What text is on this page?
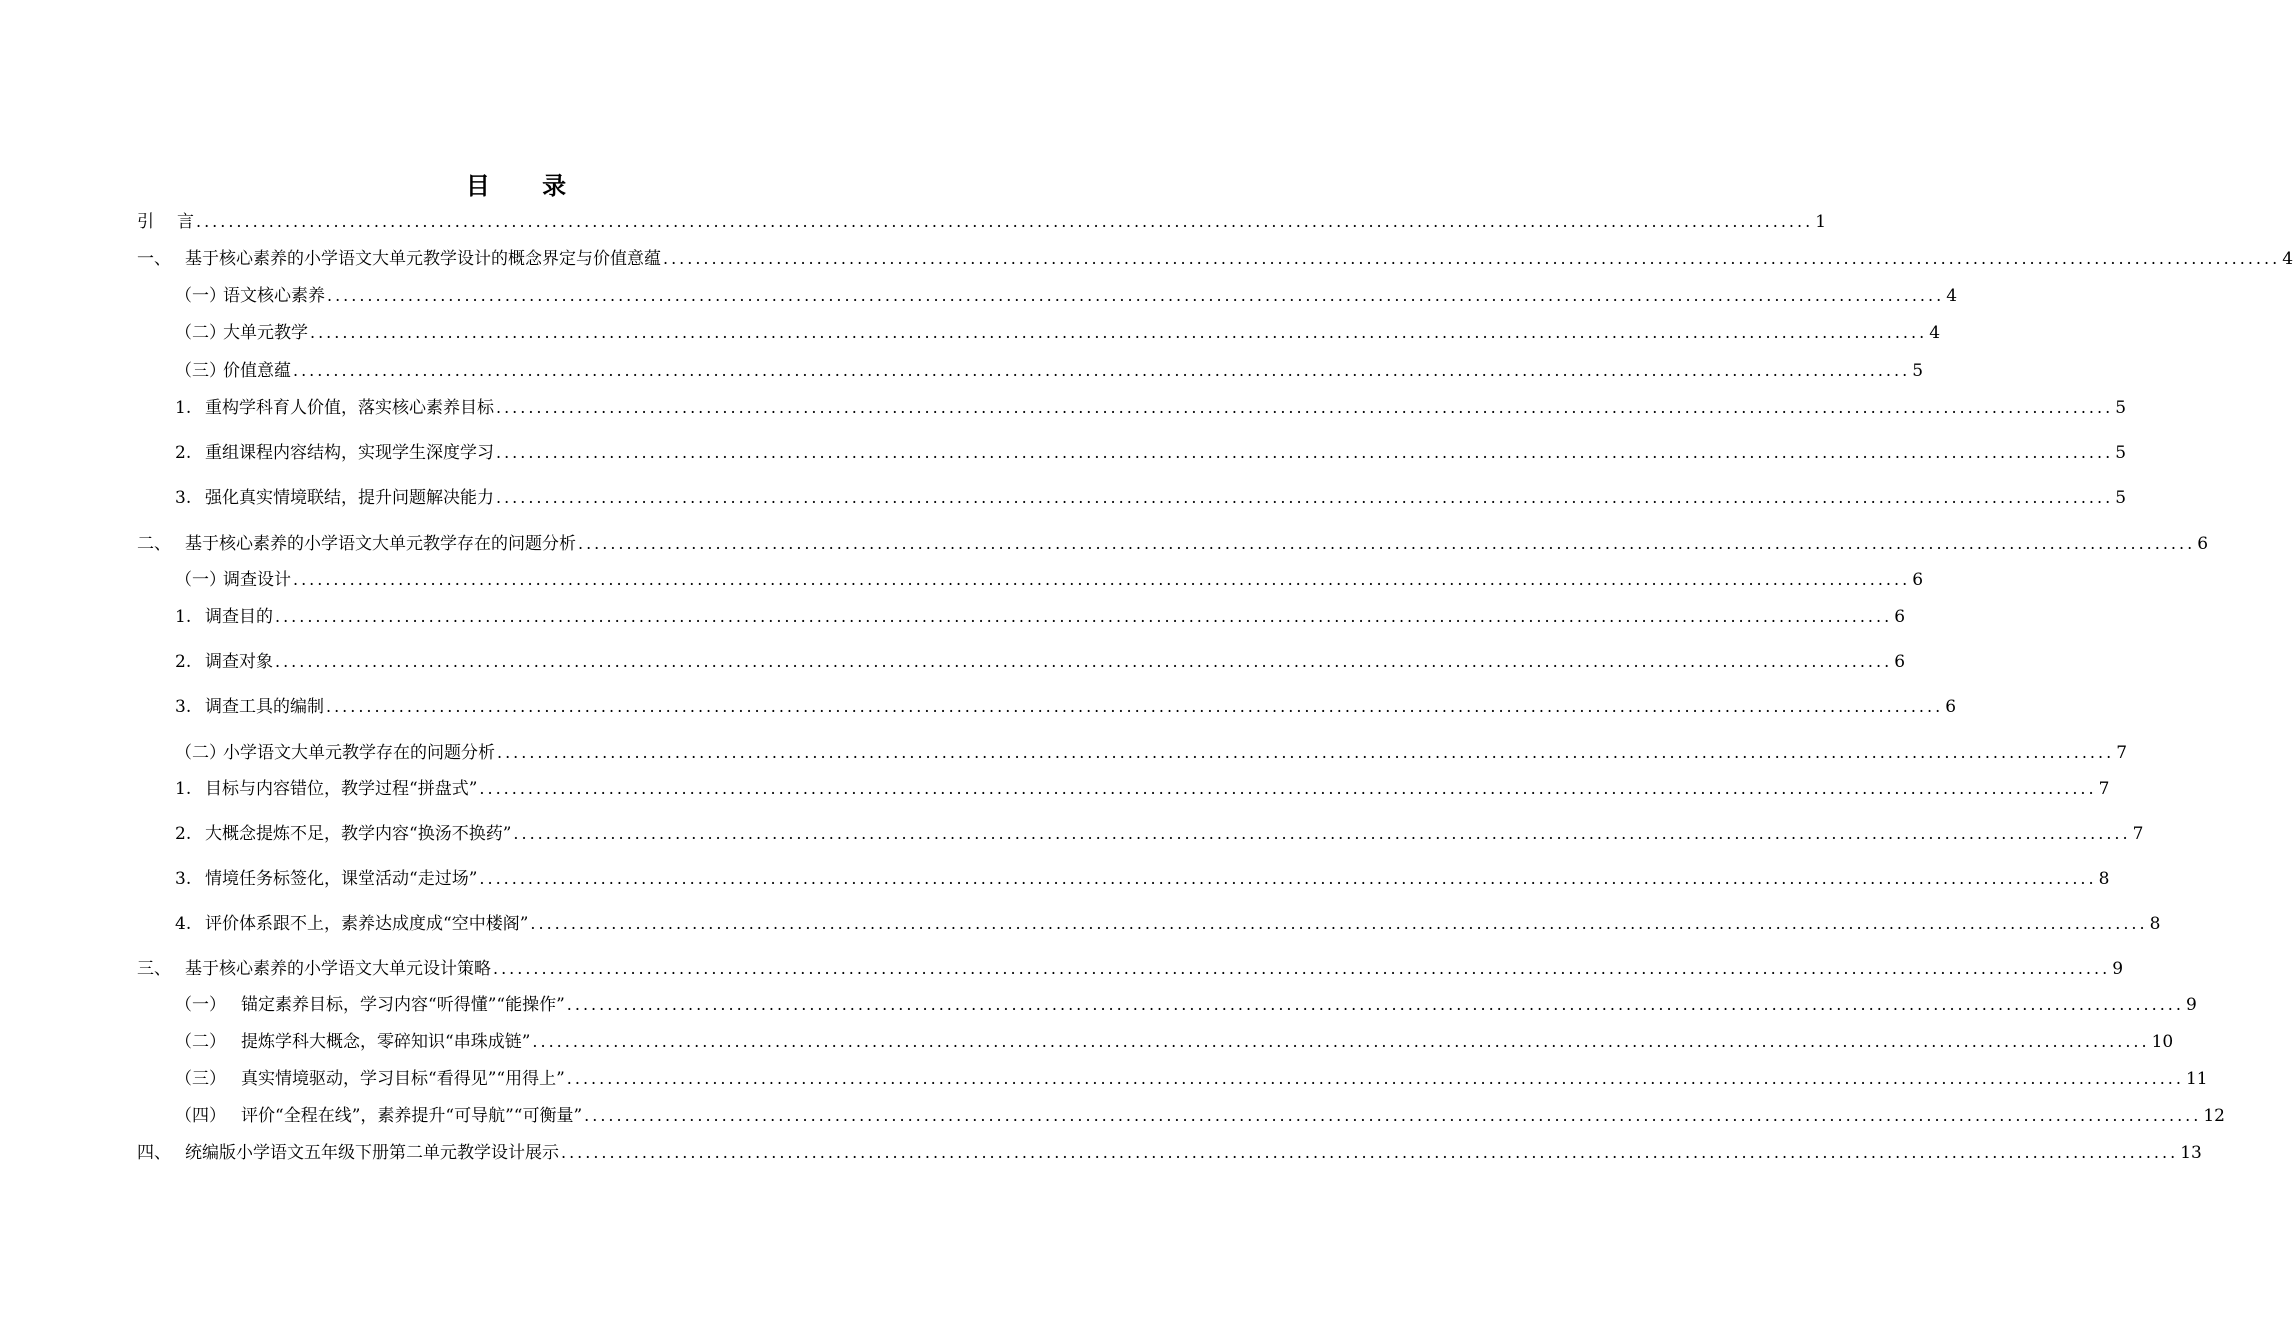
目 录
引	言 ........................................................................................................................................................................................................ 1
一、 基于核心素养的小学语文大单元教学设计的概念界定与价值意蕴 ........................................................................................................................................................................................................ 4
（一）
语文核心素养 ........................................................................................................................................................................................................ 4
（二）
大单元教学 ........................................................................................................................................................................................................ 4
（三）
价值意蕴 ........................................................................................................................................................................................................ 5
1. 重构学科育人价值，落实核心素养目标 ........................................................................................................................................................................................................ 5
2. 重组课程内容结构，实现学生深度学习 ........................................................................................................................................................................................................ 5
3. 强化真实情境联结，提升问题解决能力 ........................................................................................................................................................................................................ 5
二、 基于核心素养的小学语文大单元教学存在的问题分析 ........................................................................................................................................................................................................ 6
（一）
调查设计 ........................................................................................................................................................................................................ 6
1. 调查目的 ........................................................................................................................................................................................................ 6
2. 调查对象 ........................................................................................................................................................................................................ 6
3. 调查工具的编制 ........................................................................................................................................................................................................ 6
（二）
小学语文大单元教学存在的问题分析 ........................................................................................................................................................................................................ 7
1. 目标与内容错位，教学过程“拼盘式” ........................................................................................................................................................................................................ 7
2. 大概念提炼不足，教学内容“换汤不换药” ........................................................................................................................................................................................................ 7
3. 情境任务标签化，课堂活动“走过场” ........................................................................................................................................................................................................ 8
4. 评价体系跟不上，素养达成度成“空中楼阁” ........................................................................................................................................................................................................ 8
三、 基于核心素养的小学语文大单元设计策略 ........................................................................................................................................................................................................ 9
（一） 锚定素养目标，学习内容“听得懂”“能操作” ........................................................................................................................................................................................................ 9
（二） 提炼学科大概念，零碎知识“串珠成链” ........................................................................................................................................................................................................ 10
（三） 真实情境驱动，学习目标“看得见”“用得上” ........................................................................................................................................................................................................ 11
（四） 评价“全程在线”，素养提升“可导航”“可衡量” ........................................................................................................................................................................................................ 12
四、 统编版小学语文五年级下册第二单元教学设计展示 ........................................................................................................................................................................................................ 13
